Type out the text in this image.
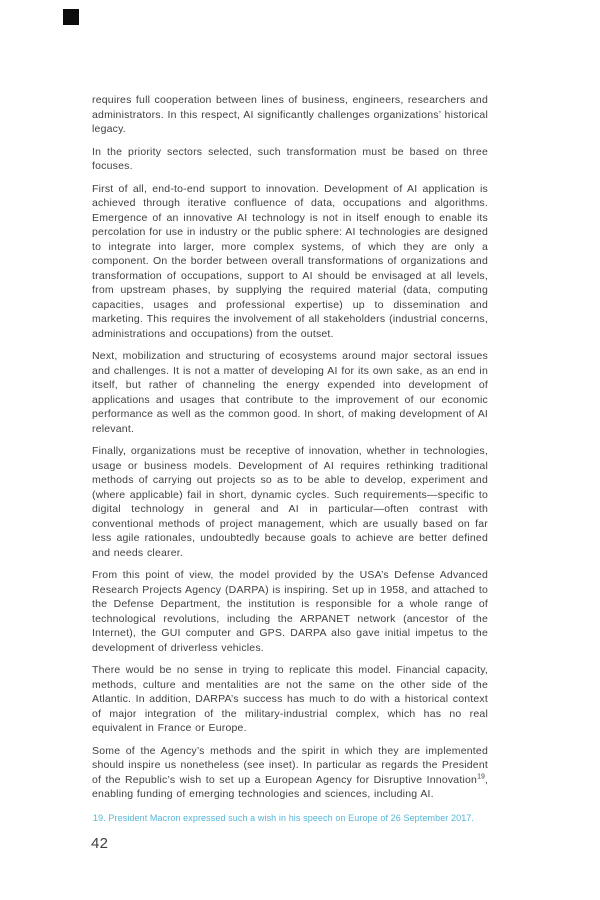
requires full cooperation between lines of business, engineers, researchers and administrators. In this respect, AI significantly challenges organizations’ historical legacy.

In the priority sectors selected, such transformation must be based on three focuses.

First of all, end-to-end support to innovation. Development of AI application is achieved through iterative confluence of data, occupations and algorithms. Emergence of an innovative AI technology is not in itself enough to enable its percolation for use in industry or the public sphere: AI technologies are designed to integrate into larger, more complex systems, of which they are only a component. On the border between overall transformations of organizations and transformation of occupations, support to AI should be envisaged at all levels, from upstream phases, by supplying the required material (data, computing capacities, usages and professional expertise) up to dissemination and marketing. This requires the involvement of all stakeholders (industrial concerns, administrations and occupations) from the outset.

Next, mobilization and structuring of ecosystems around major sectoral issues and challenges. It is not a matter of developing AI for its own sake, as an end in itself, but rather of channeling the energy expended into development of applications and usages that contribute to the improvement of our economic performance as well as the common good. In short, of making development of AI relevant.

Finally, organizations must be receptive of innovation, whether in technologies, usage or business models. Development of AI requires rethinking traditional methods of carrying out projects so as to be able to develop, experiment and (where applicable) fail in short, dynamic cycles. Such requirements—specific to digital technology in general and AI in particular—often contrast with conventional methods of project management, which are usually based on far less agile rationales, undoubtedly because goals to achieve are better defined and needs clearer.

From this point of view, the model provided by the USA’s Defense Advanced Research Projects Agency (DARPA) is inspiring. Set up in 1958, and attached to the Defense Department, the institution is responsible for a whole range of technological revolutions, including the ARPANET network (ancestor of the Internet), the GUI computer and GPS. DARPA also gave initial impetus to the development of driverless vehicles.

There would be no sense in trying to replicate this model. Financial capacity, methods, culture and mentalities are not the same on the other side of the Atlantic. In addition, DARPA’s success has much to do with a historical context of major integration of the military-industrial complex, which has no real equivalent in France or Europe.

Some of the Agency’s methods and the spirit in which they are implemented should inspire us nonetheless (see inset). In particular as regards the President of the Republic’s wish to set up a European Agency for Disruptive Innovation$^{19}$, enabling funding of emerging technologies and sciences, including AI.

19. President Macron expressed such a wish in his speech on Europe of 26 September 2017.
42
